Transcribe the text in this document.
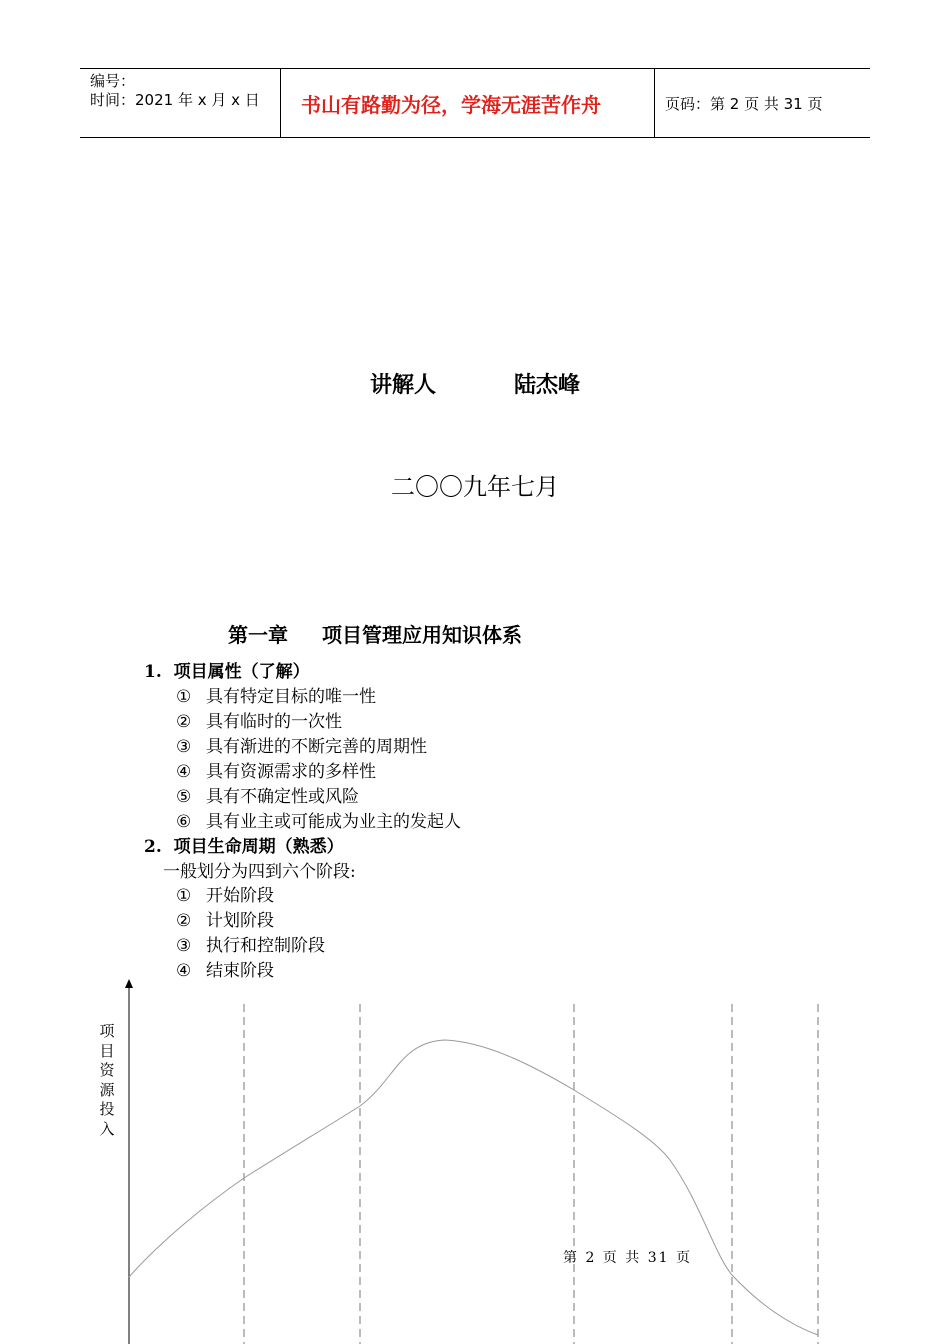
编号：
时间：2021 年 x 月 x 日	书山有路勤为径，学海无涯苦作舟	页码：第 2 页 共 31 页
讲解人	陆杰峰
二〇〇九年七月
第一章 项目管理应用知识体系
1. 项目属性（了解）
① 具有特定目标的唯一性
② 具有临时的一次性
③ 具有渐进的不断完善的周期性
④ 具有资源需求的多样性
⑤ 具有不确定性或风险
⑥ 具有业主或可能成为业主的发起人
2. 项目生命周期（熟悉）
一般划分为四到六个阶段:
① 开始阶段
② 计划阶段
③ 执行和控制阶段
④ 结束阶段
项目资源投入
第 2 页 共 31 页
